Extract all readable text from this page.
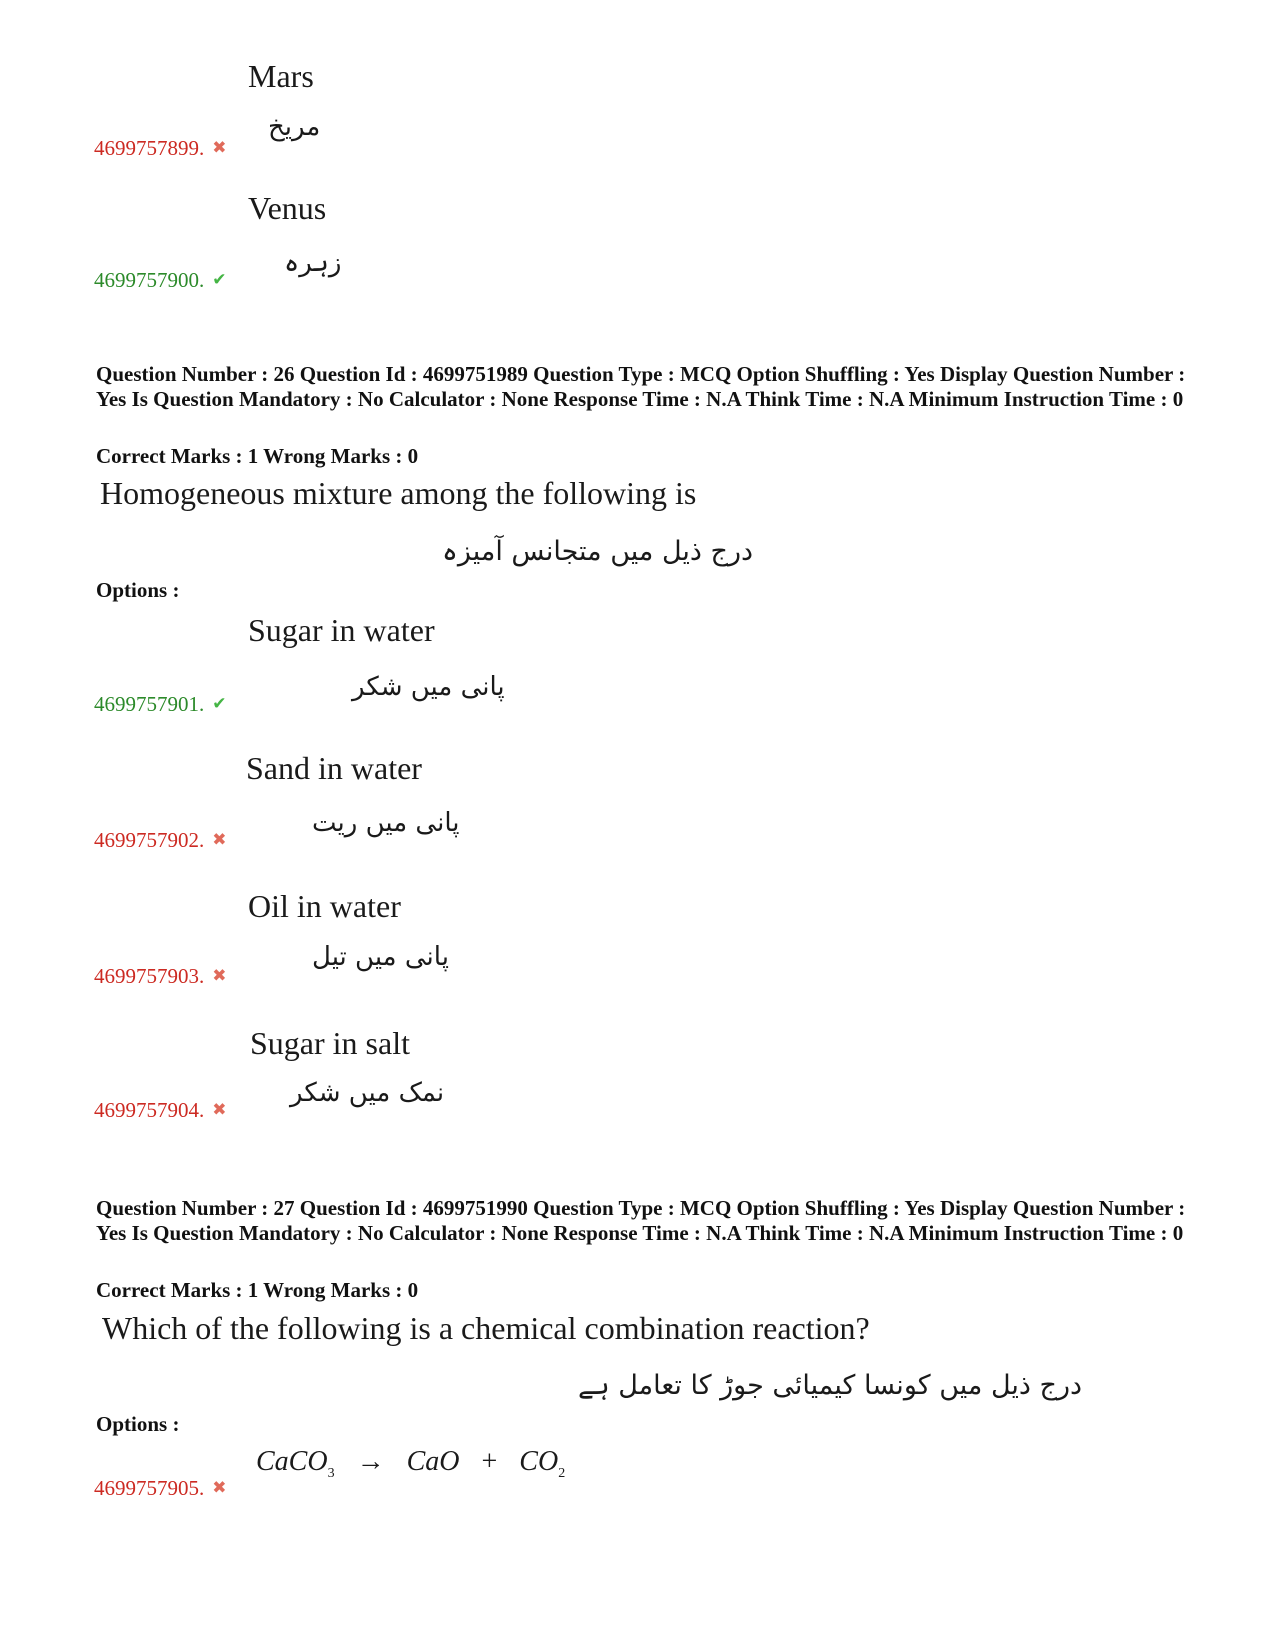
Mars
مریخ
4699757899. ✖
Venus
زہرہ
4699757900. ✔
Question Number : 26 Question Id : 4699751989 Question Type : MCQ Option Shuffling : Yes Display Question Number : Yes Is Question Mandatory : No Calculator : None Response Time : N.A Think Time : N.A Minimum Instruction Time : 0
Correct Marks : 1 Wrong Marks : 0
Homogeneous mixture among the following is
درج ذیل میں متجانس آمیزہ
Options :
Sugar in water
پانی میں شکر
4699757901. ✔
Sand in water
پانی میں ریت
4699757902. ✖
Oil in water
پانی میں تیل
4699757903. ✖
Sugar in salt
نمک میں شکر
4699757904. ✖
Question Number : 27 Question Id : 4699751990 Question Type : MCQ Option Shuffling : Yes Display Question Number : Yes Is Question Mandatory : No Calculator : None Response Time : N.A Think Time : N.A Minimum Instruction Time : 0
Correct Marks : 1 Wrong Marks : 0
Which of the following is a chemical combination reaction?
درج ذیل میں کونسا کیمیائی جوڑ کا تعامل ہے
Options :
CaCO$_3$ → CaO + $CO_2$
4699757905. ✖
